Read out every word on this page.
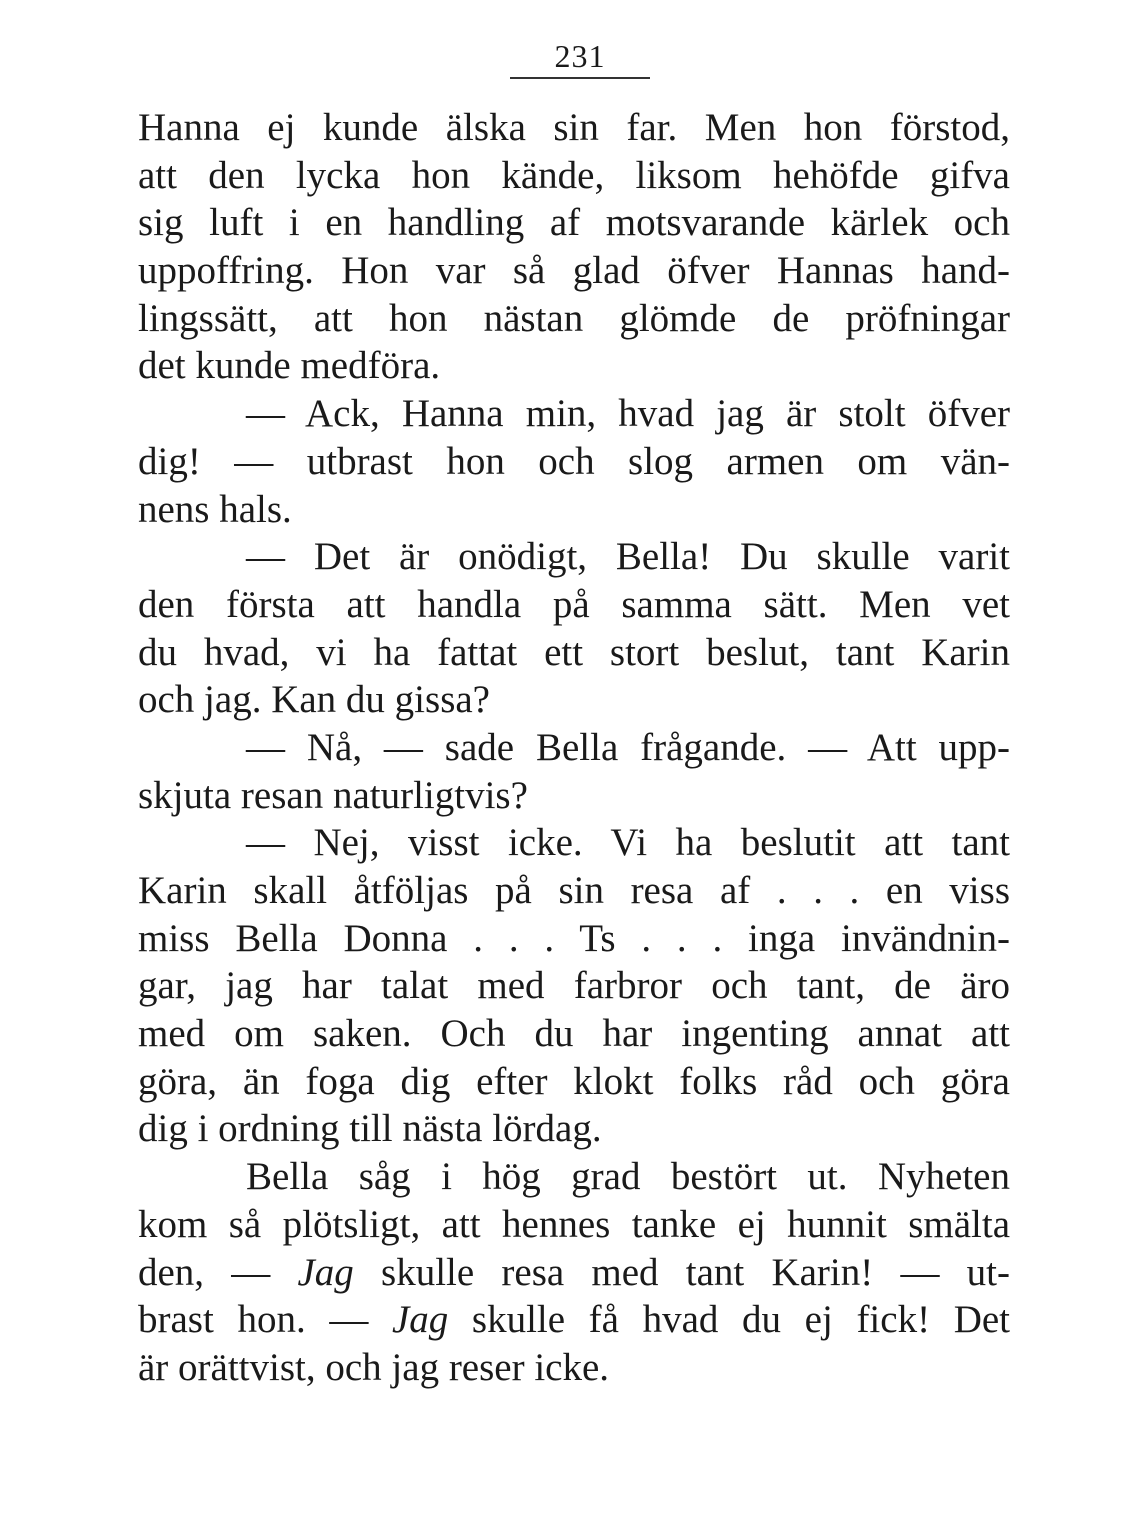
231
Hanna ej kunde älska sin far. Men hon förstod,
att den lycka hon kände, liksom hehöfde gifva
sig luft i en handling af motsvarande kärlek och
uppoffring. Hon var så glad öfver Hannas hand-
lingssätt, att hon nästan glömde de pröfningar
det kunde medföra.
— Ack, Hanna min, hvad jag är stolt öfver
dig! — utbrast hon och slog armen om vän-
nens hals.
— Det är onödigt, Bella! Du skulle varit
den första att handla på samma sätt. Men vet
du hvad, vi ha fattat ett stort beslut, tant Karin
och jag. Kan du gissa?
— Nå, — sade Bella frågande. — Att upp-
skjuta resan naturligtvis?
— Nej, visst icke. Vi ha beslutit att tant
Karin skall åtföljas på sin resa af . . . en viss
miss Bella Donna . . . Ts . . . inga invändnin-
gar, jag har talat med farbror och tant, de äro
med om saken. Och du har ingenting annat att
göra, än foga dig efter klokt folks råd och göra
dig i ordning till nästa lördag.
Bella såg i hög grad bestört ut. Nyheten
kom så plötsligt, att hennes tanke ej hunnit smälta
den, — Jag skulle resa med tant Karin! — ut-
brast hon. — Jag skulle få hvad du ej fick! Det
är orättvist, och jag reser icke.
